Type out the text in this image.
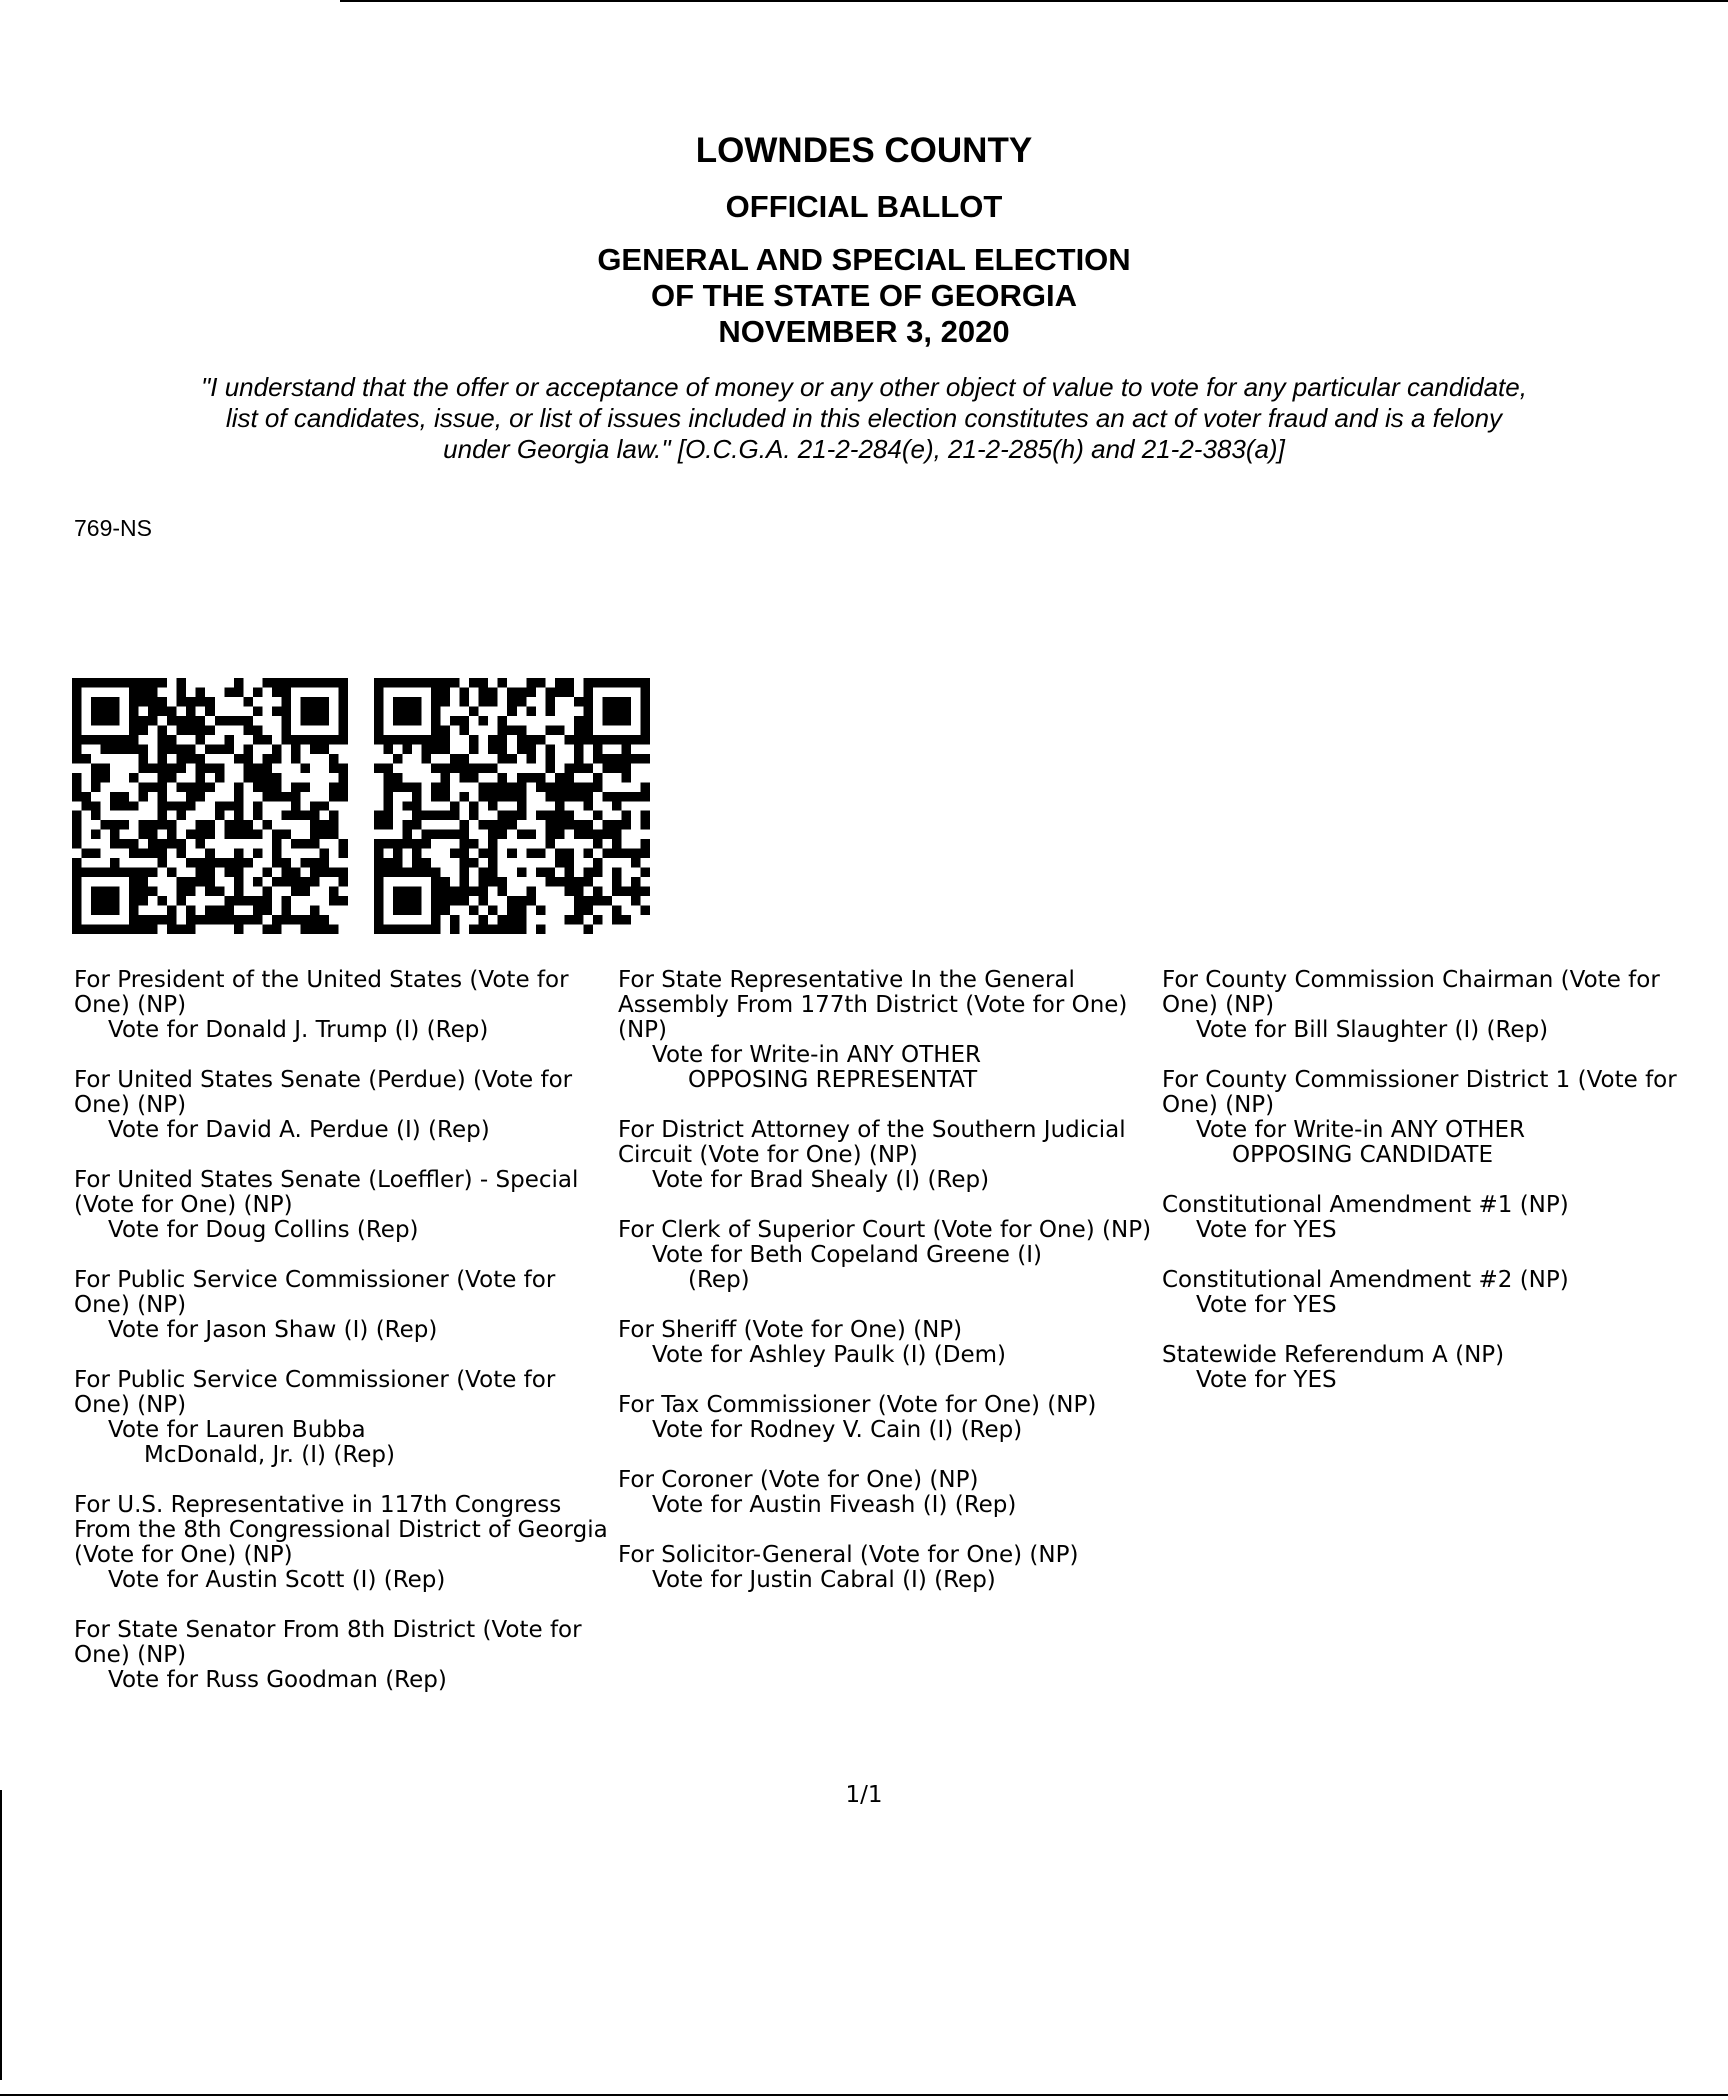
LOWNDES COUNTY
OFFICIAL BALLOT
GENERAL AND SPECIAL ELECTION
OF THE STATE OF GEORGIA
NOVEMBER 3, 2020
"I understand that the offer or acceptance of money or any other object of value to vote for any particular candidate,
list of candidates, issue, or list of issues included in this election constitutes an act of voter fraud and is a felony
under Georgia law." [O.C.G.A. 21-2-284(e), 21-2-285(h) and 21-2-383(a)]
769-NS
For President of the United States (Vote for One) (NP)
Vote for Donald J. Trump (I) (Rep)
For United States Senate (Perdue) (Vote for One) (NP)
Vote for David A. Perdue (I) (Rep)
For United States Senate (Loeffler) - Special (Vote for One) (NP)
Vote for Doug Collins (Rep)
For Public Service Commissioner (Vote for One) (NP)
Vote for Jason Shaw (I) (Rep)
For Public Service Commissioner (Vote for One) (NP)
Vote for Lauren Bubba
McDonald, Jr. (I) (Rep)
For U.S. Representative in 117th Congress From the 8th Congressional District of Georgia (Vote for One) (NP)
Vote for Austin Scott (I) (Rep)
For State Senator From 8th District (Vote for One) (NP)
Vote for Russ Goodman (Rep)
For State Representative In the General Assembly From 177th District (Vote for One) (NP)
Vote for Write-in ANY OTHER
OPPOSING REPRESENTAT
For District Attorney of the Southern Judicial Circuit (Vote for One) (NP)
Vote for Brad Shealy (I) (Rep)
For Clerk of Superior Court (Vote for One) (NP)
Vote for Beth Copeland Greene (I)
(Rep)
For Sheriff (Vote for One) (NP)
Vote for Ashley Paulk (I) (Dem)
For Tax Commissioner (Vote for One) (NP)
Vote for Rodney V. Cain (I) (Rep)
For Coroner (Vote for One) (NP)
Vote for Austin Fiveash (I) (Rep)
For Solicitor-General (Vote for One) (NP)
Vote for Justin Cabral (I) (Rep)
For County Commission Chairman (Vote for One) (NP)
Vote for Bill Slaughter (I) (Rep)
For County Commissioner District 1 (Vote for One) (NP)
Vote for Write-in ANY OTHER
OPPOSING CANDIDATE
Constitutional Amendment #1 (NP)
Vote for YES
Constitutional Amendment #2 (NP)
Vote for YES
Statewide Referendum A (NP)
Vote for YES
1/1
